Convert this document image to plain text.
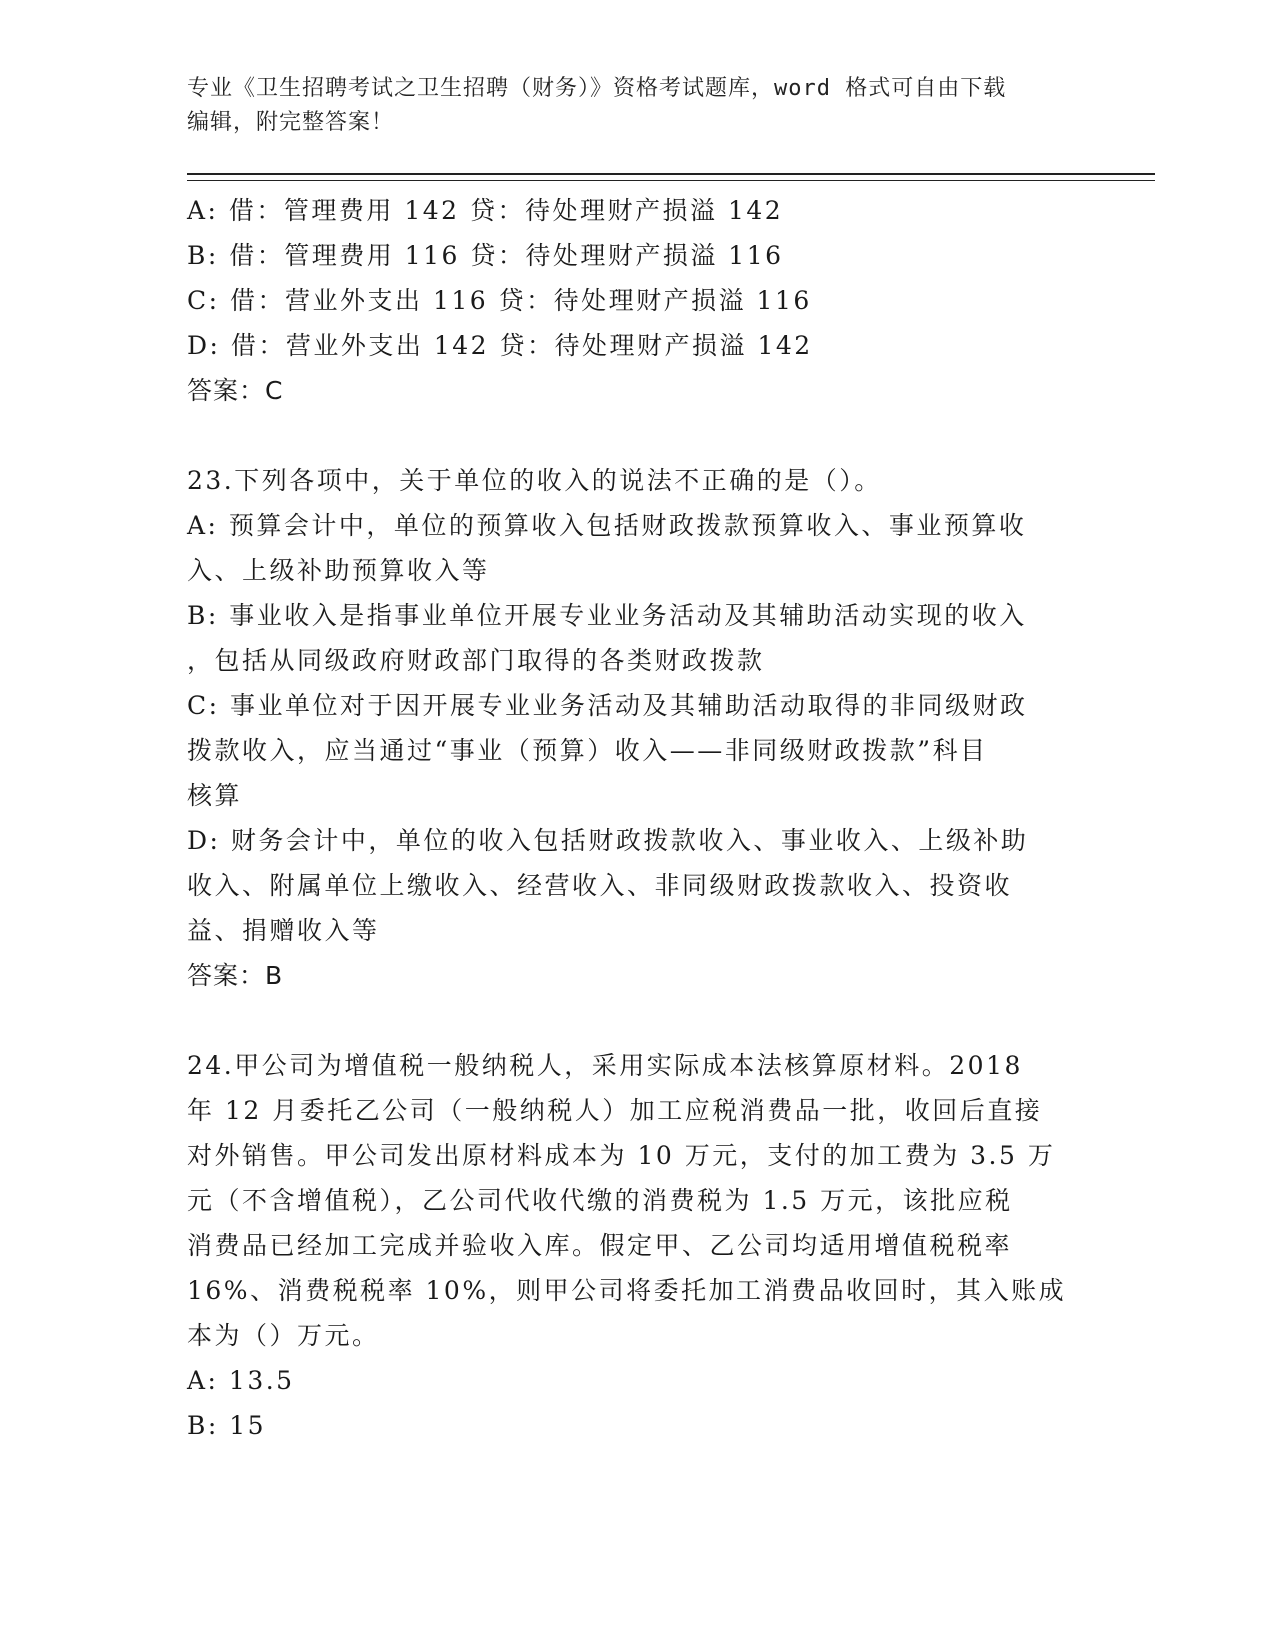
专业《卫生招聘考试之卫生招聘（财务）》资格考试题库，word 格式可自由下载
编辑，附完整答案！
A: 借：管理费用 142 贷：待处理财产损溢 142
B: 借：管理费用 116 贷：待处理财产损溢 116
C: 借：营业外支出 116 贷：待处理财产损溢 116
D: 借：营业外支出 142 贷：待处理财产损溢 142
答案：C
23.下列各项中，关于单位的收入的说法不正确的是（）。
A: 预算会计中，单位的预算收入包括财政拨款预算收入、事业预算收
入、上级补助预算收入等
B: 事业收入是指事业单位开展专业业务活动及其辅助活动实现的收入
，包括从同级政府财政部门取得的各类财政拨款
C: 事业单位对于因开展专业业务活动及其辅助活动取得的非同级财政
拨款收入，应当通过“事业（预算）收入——非同级财政拨款”科目
核算
D: 财务会计中，单位的收入包括财政拨款收入、事业收入、上级补助
收入、附属单位上缴收入、经营收入、非同级财政拨款收入、投资收
益、捐赠收入等
答案：B
24.甲公司为增值税一般纳税人，采用实际成本法核算原材料。2018
年 12 月委托乙公司（一般纳税人）加工应税消费品一批，收回后直接
对外销售。甲公司发出原材料成本为 10 万元，支付的加工费为 3.5 万
元（不含增值税），乙公司代收代缴的消费税为 1.5 万元，该批应税
消费品已经加工完成并验收入库。假定甲、乙公司均适用增值税税率
16%、消费税税率 10%，则甲公司将委托加工消费品收回时，其入账成
本为（）万元。
A: 13.5
B: 15
